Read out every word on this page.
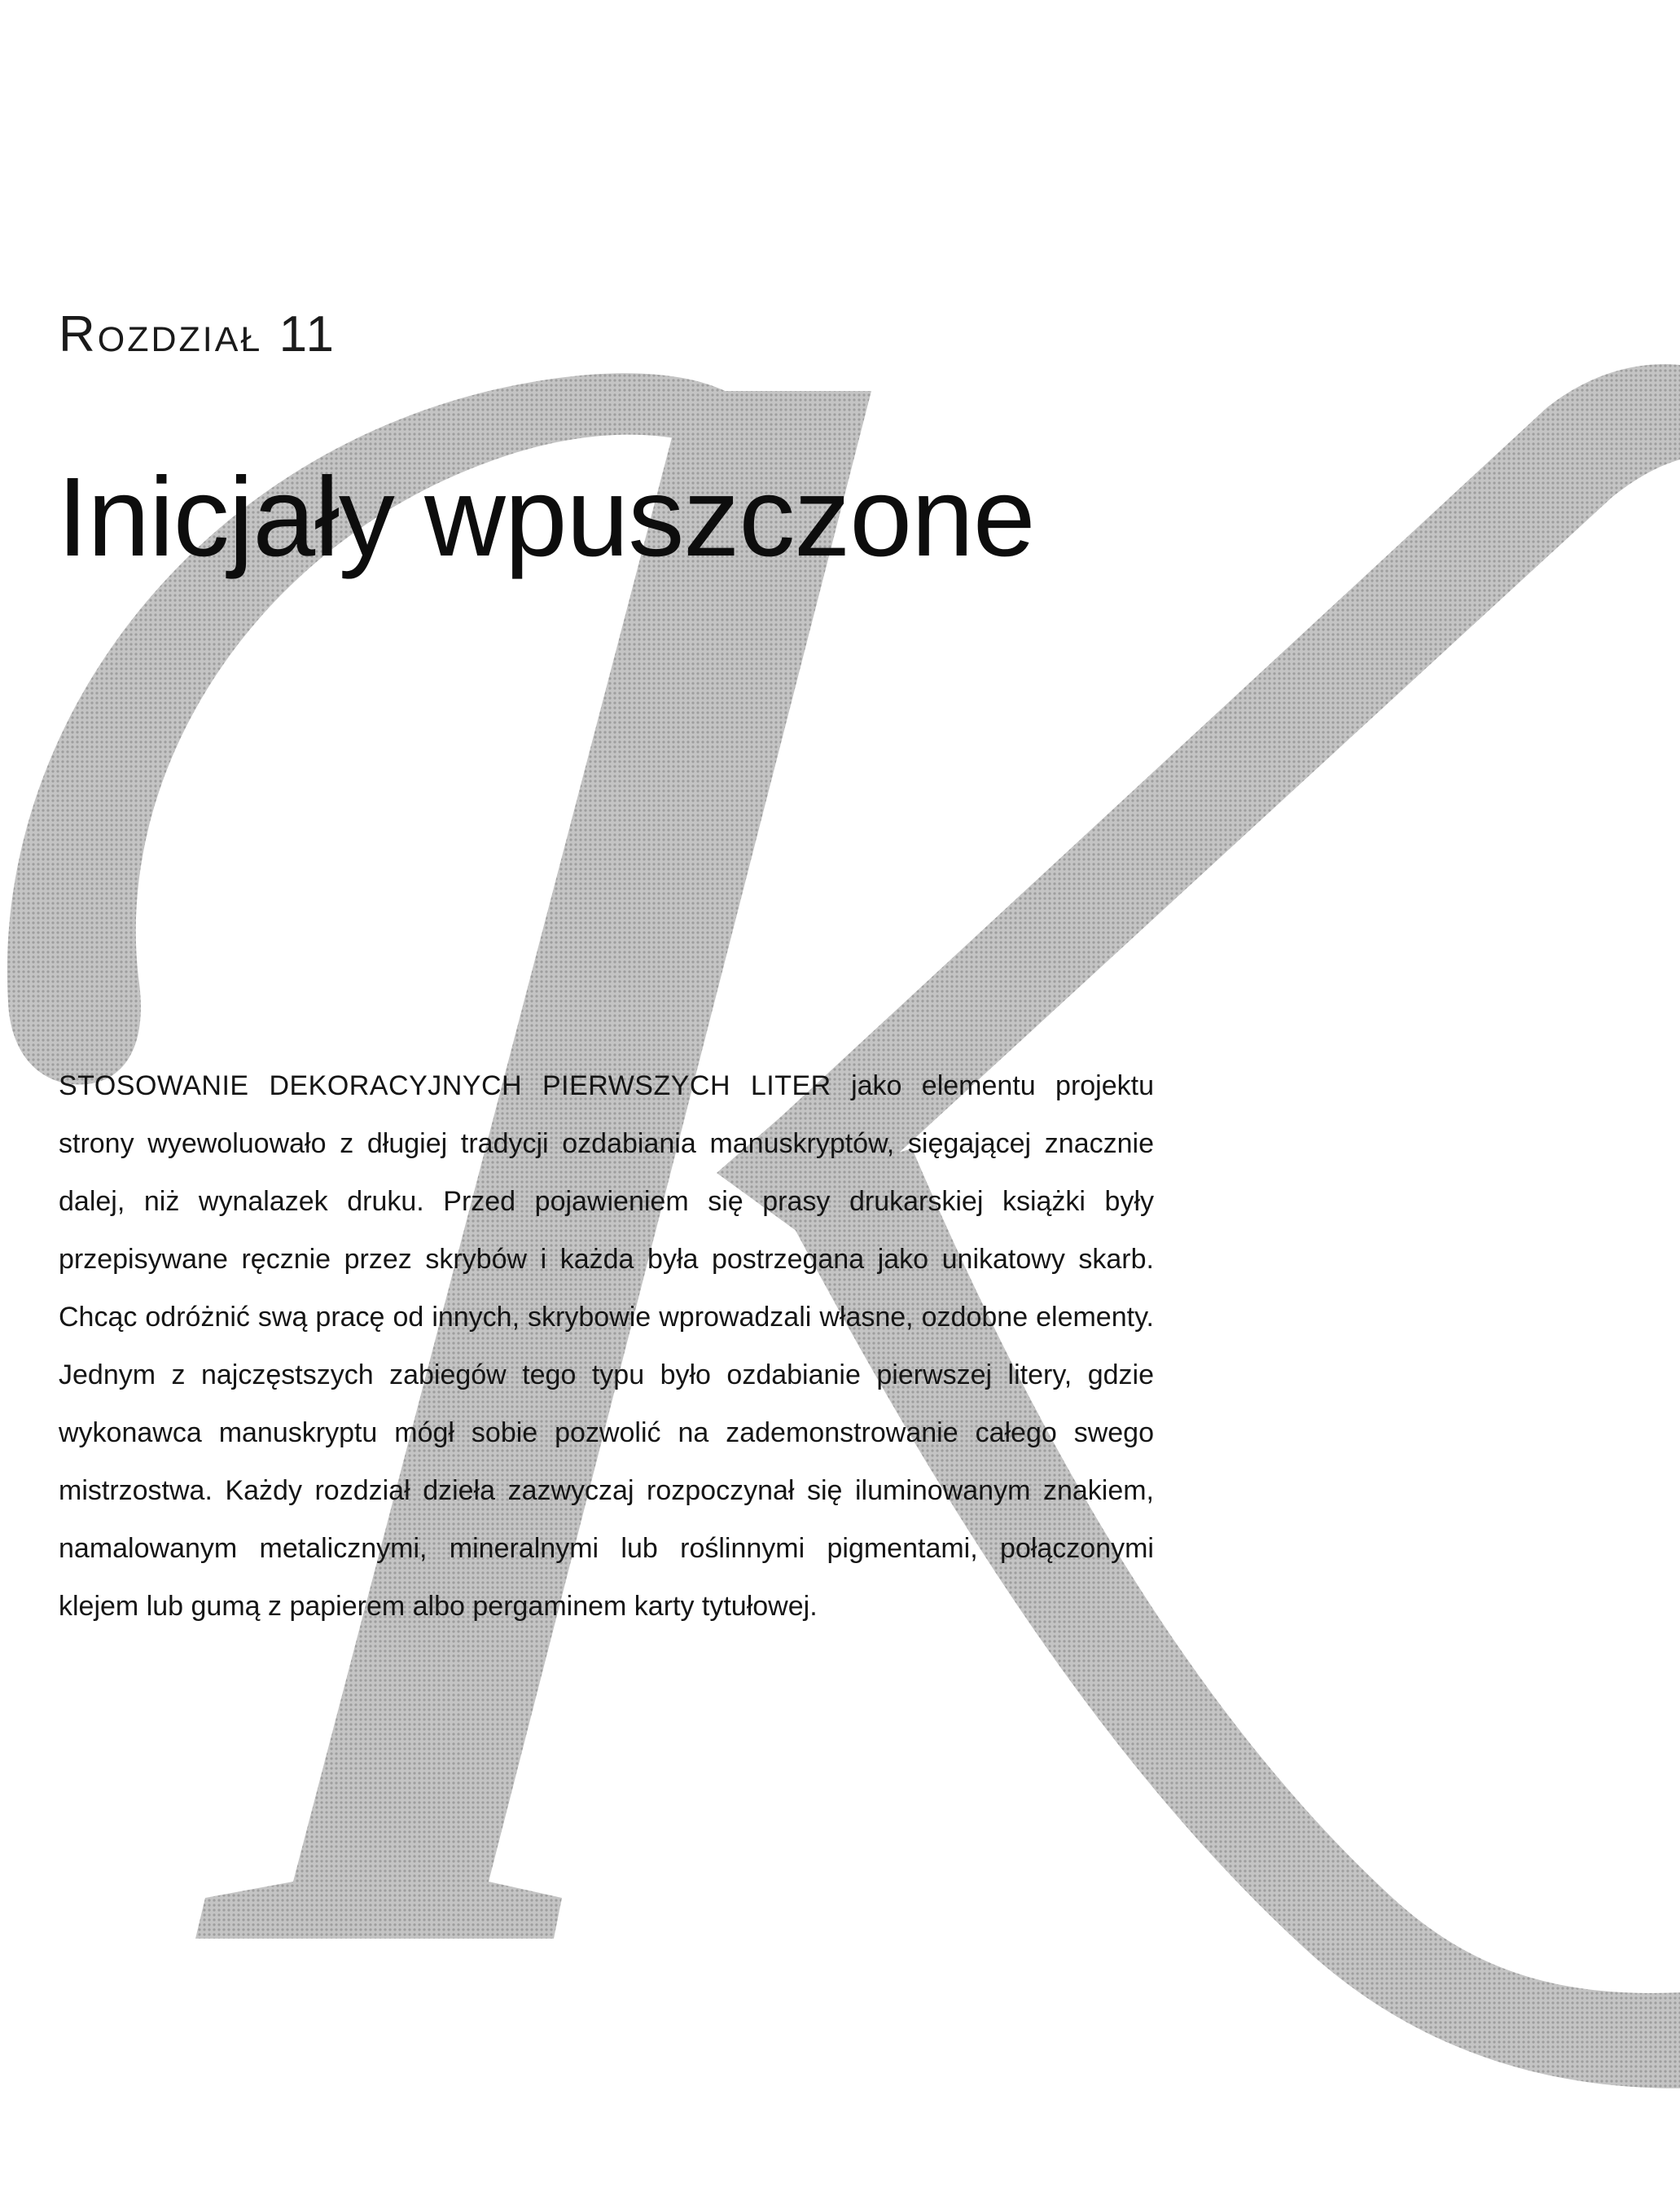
Rozdział 11
Inicjały wpuszczone

STOSOWANIE DEKORACYJNYCH PIERWSZYCH LITER jako elementu projektu strony wyewoluowało z długiej tradycji ozdabiania manuskryptów, sięgającej znacznie dalej, niż wynalazek druku. Przed pojawieniem się prasy drukarskiej książki były przepisywane ręcznie przez skrybów i każda była postrzegana jako unikatowy skarb. Chcąc odróżnić swą pracę od innych, skrybowie wprowadzali własne, ozdobne elementy. Jednym z najczęstszych zabiegów tego typu było ozdabianie pierwszej litery, gdzie wykonawca manuskryptu mógł sobie pozwolić na zademonstrowanie całego swego mistrzostwa. Każdy rozdział dzieła zazwyczaj rozpoczynał się iluminowanym znakiem, namalowanym metalicznymi, mineralnymi lub roślinnymi pigmentami, połączonymi klejem lub gumą z papierem albo pergaminem karty tytułowej.
